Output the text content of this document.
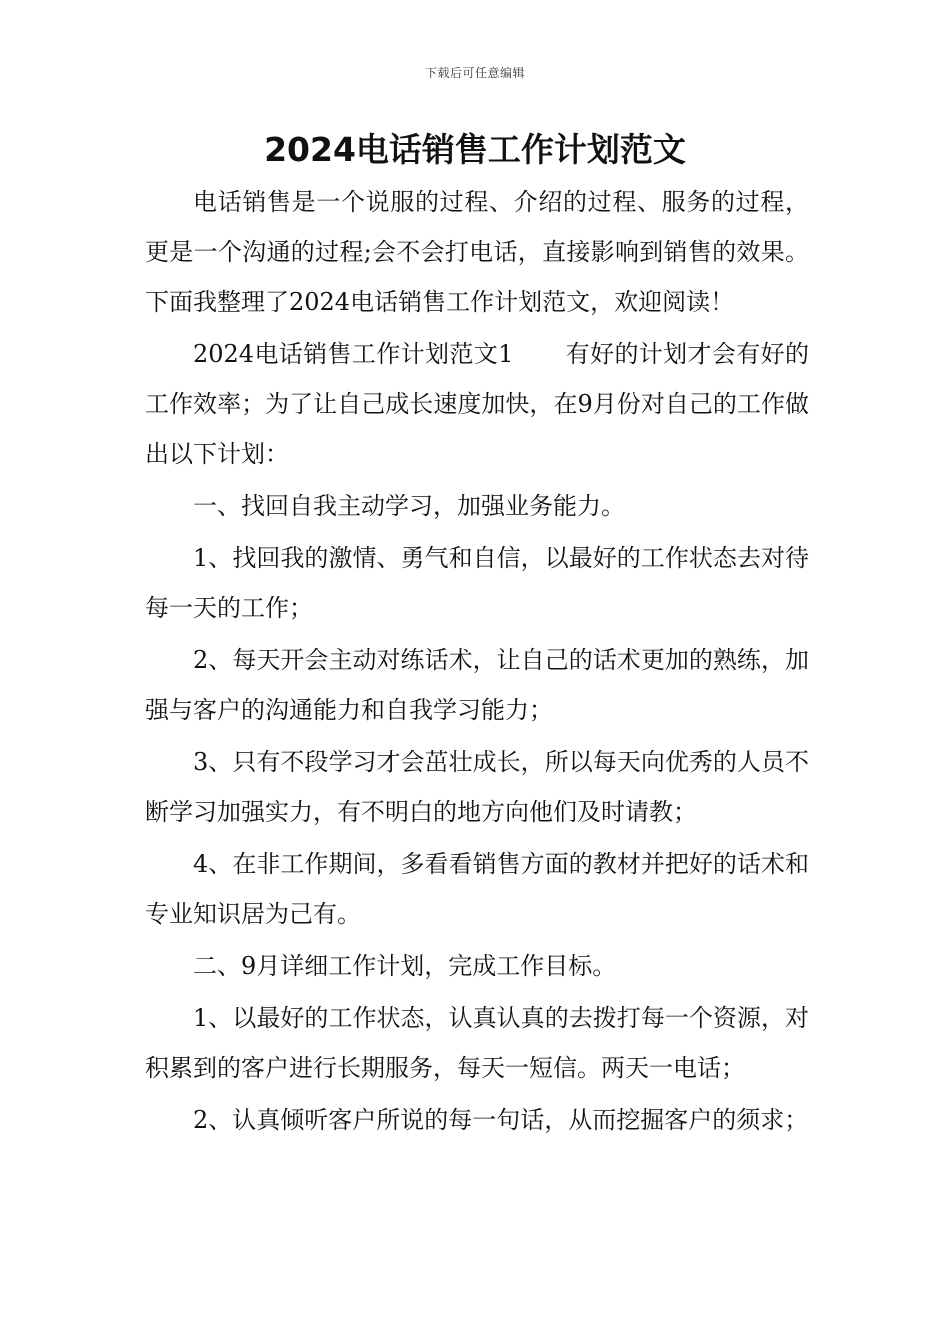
下载后可任意编辑
2024电话销售工作计划范文

电话销售是一个说服的过程、介绍的过程、服务的过程，更是一个沟通的过程;会不会打电话，直接影响到销售的效果。下面我整理了2024电话销售工作计划范文，欢迎阅读！

2024电话销售工作计划范文1 有好的计划才会有好的工作效率；为了让自己成长速度加快，在9月份对自己的工作做出以下计划：

一、找回自我主动学习，加强业务能力。

1、找回我的激情、勇气和自信，以最好的工作状态去对待每一天的工作；

2、每天开会主动对练话术，让自己的话术更加的熟练，加强与客户的沟通能力和自我学习能力；

3、只有不段学习才会茁壮成长，所以每天向优秀的人员不断学习加强实力，有不明白的地方向他们及时请教；

4、在非工作期间，多看看销售方面的教材并把好的话术和专业知识居为己有。

二、9月详细工作计划，完成工作目标。

1、以最好的工作状态，认真认真的去拨打每一个资源，对积累到的客户进行长期服务，每天一短信。两天一电话；

2、认真倾听客户所说的每一句话，从而挖掘客户的须求；
